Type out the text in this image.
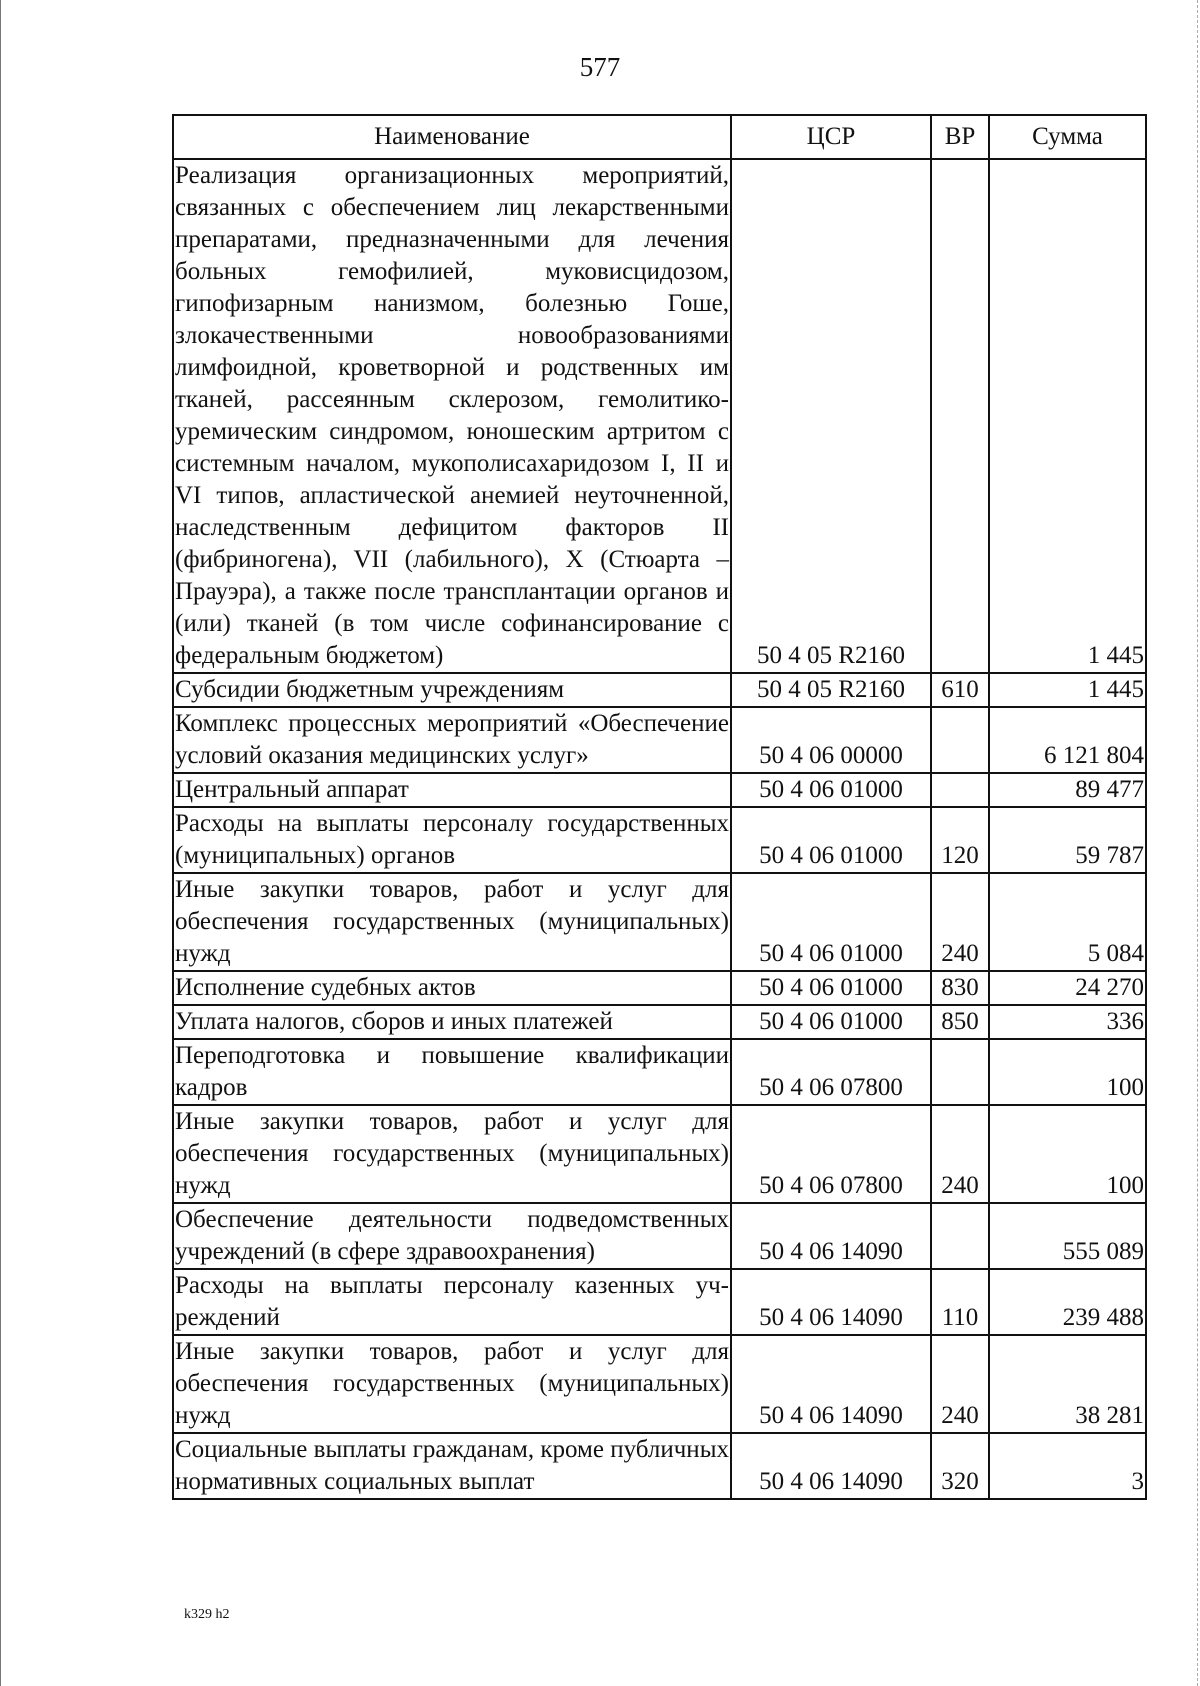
577
Наименование	ЦСР	ВР	Сумма
Реализация организационных мероприятий, связанных с обеспечением лиц лекарственными препаратами, предназначенными для лечения больных гемофилией, муковисцидозом, гипофизарным нанизмом, болезнью Гоше, злокачественными новообразованиями лимфоидной, кроветворной и родственных им тканей, рассеянным склерозом, гемолитико-уремическим синдромом, юношеским артритом с системным началом, мукополисахаридозом I, II и VI типов, апластической анемией неуточненной, наследственным дефицитом факторов II (фибриногена), VII (лабильного), X (Стюарта – Прауэра), а также после трансплантации органов и (или) тканей (в том числе софинансирование с федеральным бюджетом)	50 4 05 R2160		1 445
Субсидии бюджетным учреждениям	50 4 05 R2160	610	1 445
Комплекс процессных мероприятий «Обеспечение условий оказания медицинских услуг»	50 4 06 00000		6 121 804
Центральный аппарат	50 4 06 01000		89 477
Расходы на выплаты персоналу государственных (муниципальных) органов	50 4 06 01000	120	59 787
Иные закупки товаров, работ и услуг для обеспечения государственных (муниципальных) нужд	50 4 06 01000	240	5 084
Исполнение судебных актов	50 4 06 01000	830	24 270
Уплата налогов, сборов и иных платежей	50 4 06 01000	850	336
Переподготовка и повышение квалификации кадров	50 4 06 07800		100
Иные закупки товаров, работ и услуг для обеспечения государственных (муниципальных) нужд	50 4 06 07800	240	100
Обеспечение деятельности подведомственных учреждений (в сфере здравоохранения)	50 4 06 14090		555 089
Расходы на выплаты персоналу казенных учреждений	50 4 06 14090	110	239 488
Иные закупки товаров, работ и услуг для обеспечения государственных (муниципальных) нужд	50 4 06 14090	240	38 281
Социальные выплаты гражданам, кроме публичных нормативных социальных выплат	50 4 06 14090	320	3
k329 h2
